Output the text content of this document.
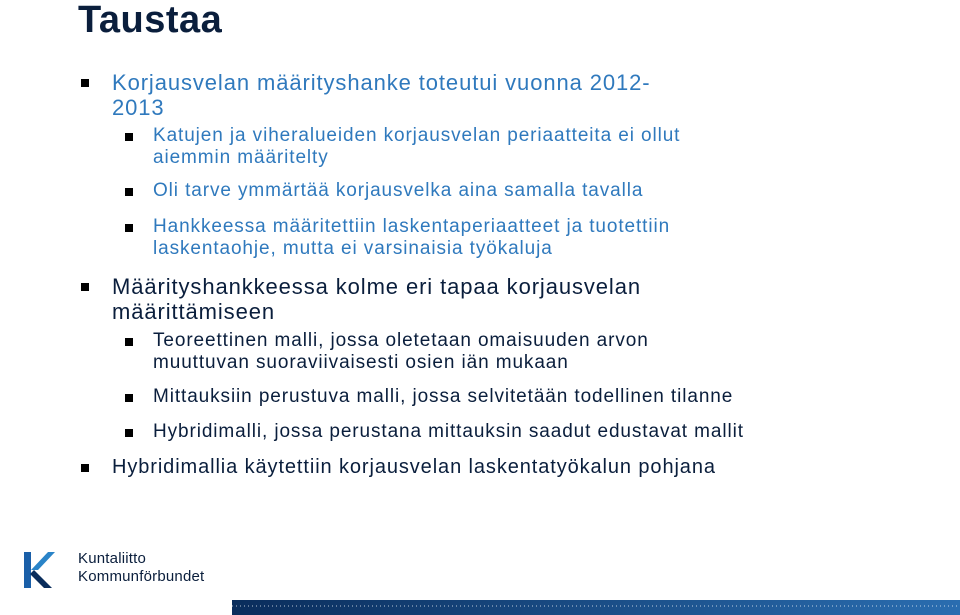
Taustaa
Korjausvelan määrityshanke toteutui vuonna 2012-
2013
Katujen ja viheralueiden korjausvelan periaatteita ei ollut
aiemmin määritelty
Oli tarve ymmärtää korjausvelka aina samalla tavalla
Hankkeessa määritettiin laskentaperiaatteet ja tuotettiin
laskentaohje, mutta ei varsinaisia työkaluja
Määrityshankkeessa kolme eri tapaa korjausvelan
määrittämiseen
Teoreettinen malli, jossa oletetaan omaisuuden arvon
muuttuvan suoraviivaisesti osien iän mukaan
Mittauksiin perustuva malli, jossa selvitetään todellinen tilanne
Hybridimalli, jossa perustana mittauksin saadut edustavat mallit
Hybridimallia käytettiin korjausvelan laskentatyökalun pohjana
Kuntaliitto
Kommunförbundet
